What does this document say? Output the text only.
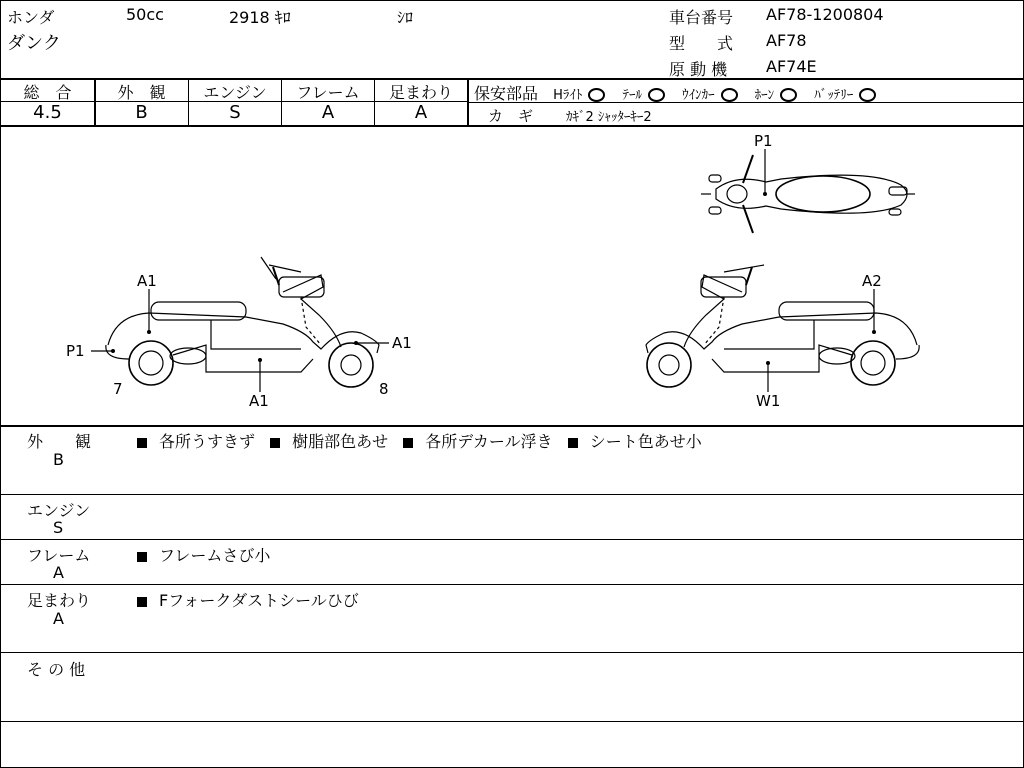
ホンダ	50cc	2918 ｷﾛ	ｼﾛ
ダンク
車台番号 AF78-1200804
型　　式 AF78
原 動 機 AF74E
総　合	外　観	エンジン	フレーム	足まわり
4.5	B	S	A	A
保安部品 Hﾗｲﾄ	ﾃｰﾙ	ｳｲﾝｶｰ	ﾎｰﾝ	ﾊﾞｯﾃﾘｰ
カ　ギ	ｶｷﾞ2 ｼｬｯﾀｰｷｰ2
P1
A1
P1	A1
A1
7	8
A2
W1
外　　観
B
各所うすきず 樹脂部色あせ 各所デカール浮き シート色あせ小
エンジン
S
フレーム
A
フレームさび小
足まわり
A
Fフォークダストシールひび
そ の 他
